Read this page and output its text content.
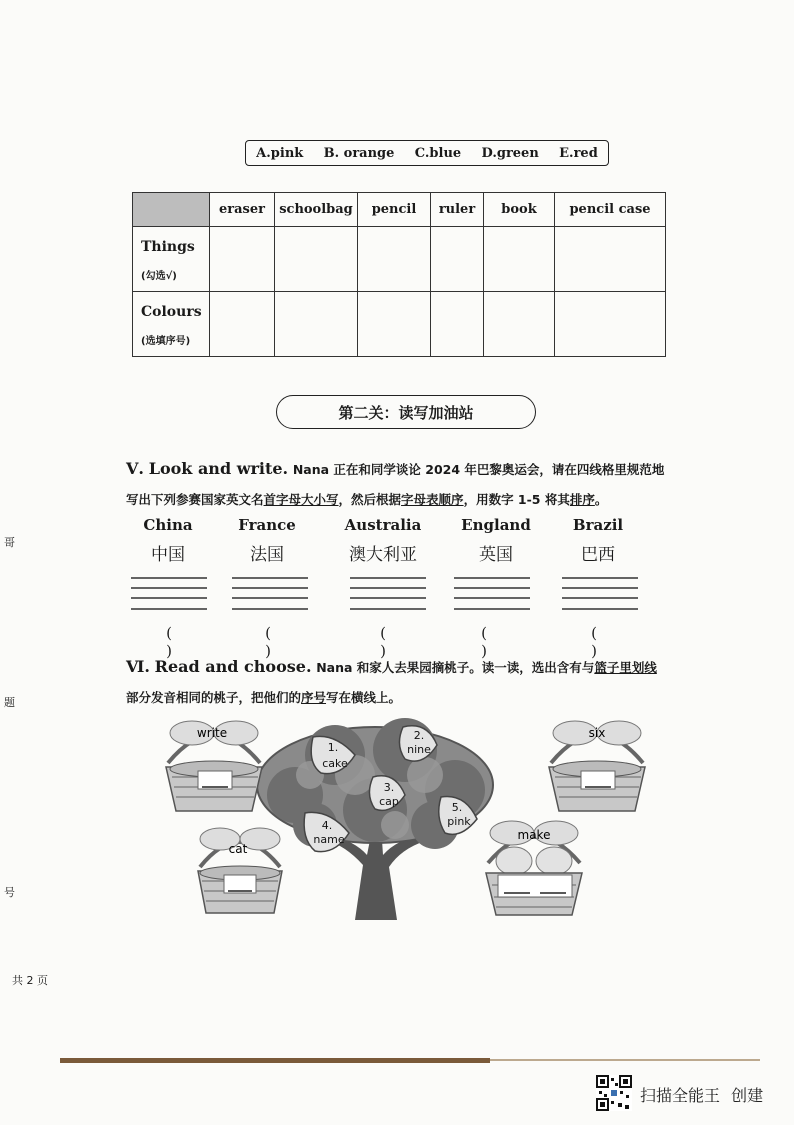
A.pink B. orange C.blue D.green E.red
	eraser	schoolbag	pencil	ruler	book	pencil case

Things
(勾选√)						

Colours
(选填序号)						

第二关：读写加油站
Ⅴ. Look and write. Nana 正在和同学谈论 2024 年巴黎奥运会，请在四线格里规范地
写出下列参赛国家英文名首字母大小写，然后根据字母表顺序，用数字 1-5 将其排序。
China
中国
France
法国
Australia
澳大利亚
England
英国
Brazil
巴西
( )
( )
( )
( )
( )
Ⅵ. Read and choose. Nana 和家人去果园摘桃子。读一读，选出含有与篮子里划线
部分发音相同的桃子，把他们的序号写在横线上。
1.
cake
2.
nine
3.
cap
4.
name
5.
pink
write	six
cat
make
哥
题
号
共 2 页
扫描全能王 创建
